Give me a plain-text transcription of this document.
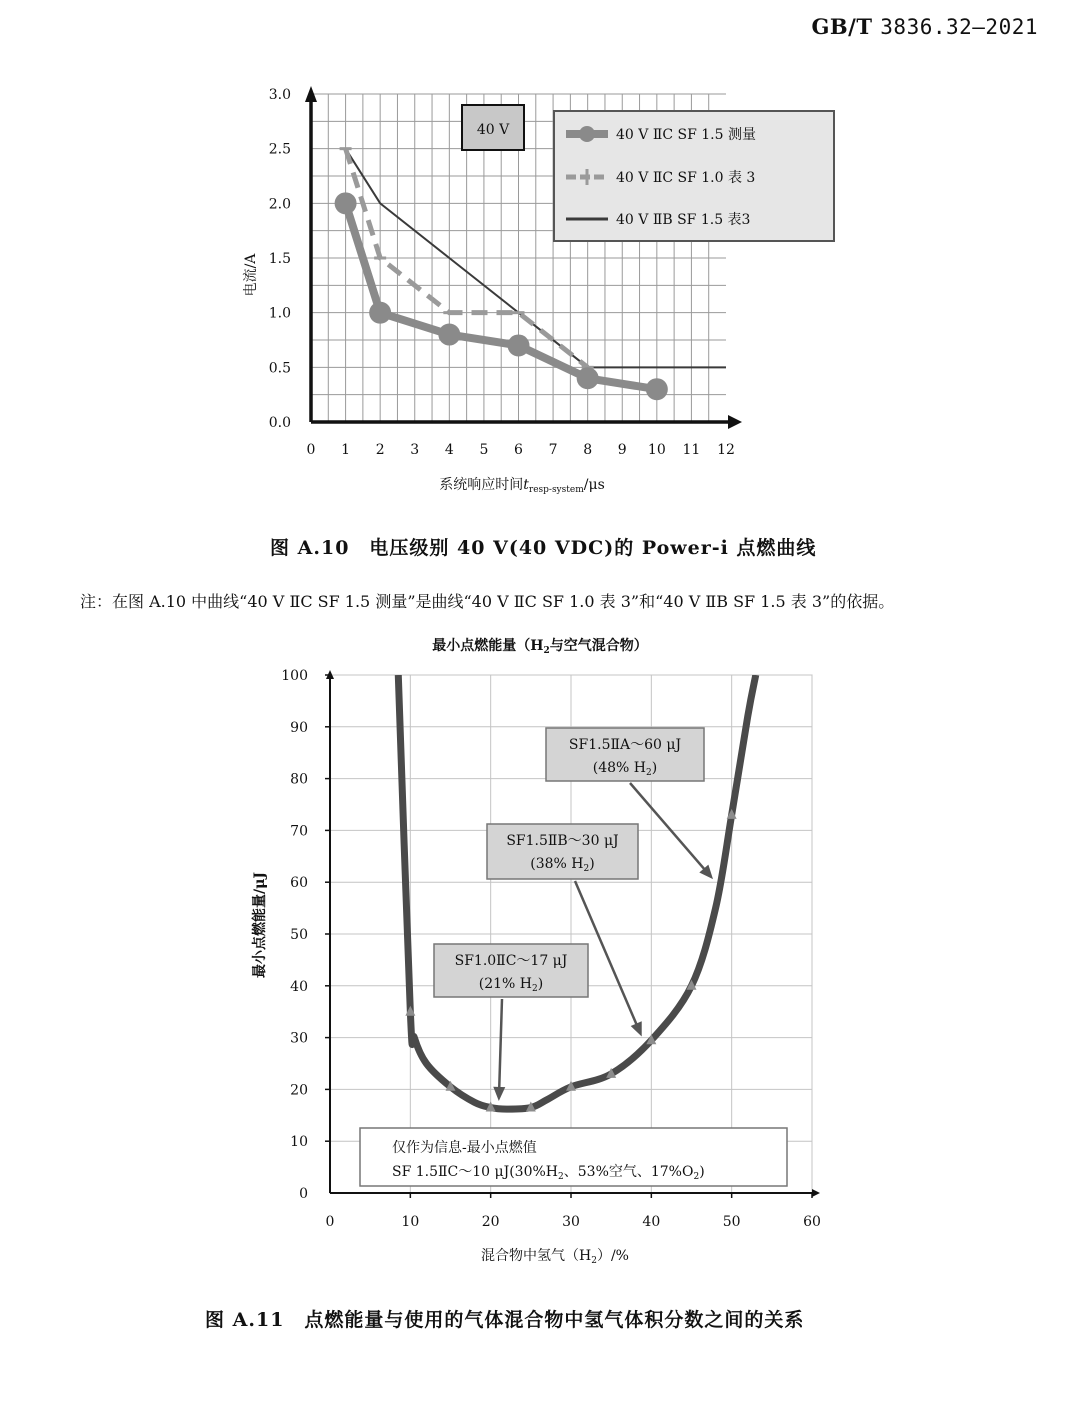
GB/T 3836.32—2021
0 1 2 3 4 5 6 7 8 9 10 11 12
0.0
0.5
1.0
1.5
2.0
2.5
3.0
系统响应时间$t_{resp-system}/\mu s$
电流/A
40 V	40 V ⅡC SF 1.5 测量
40 V ⅡC SF 1.0 表 3
40 V ⅡB SF 1.5 表3
图 A.10　电压级别 40 V(40 VDC)的 Power-i 点燃曲线
注：在图 A.10 中曲线“40 V ⅡC SF 1.5 测量”是曲线“40 V ⅡC SF 1.0 表 3”和“40 V ⅡB SF 1.5 表 3”的依据。
最小点燃能量（$H_2$与空气混合物）
0	10	20	30	40	50	60
0
10
20
30
40
50
60
70
80
90
100
混合物中氢气$(H_2)/\%$
最小点燃能量/μJ
SF1.5ⅡA～60 μJ
(48% $H_2$)
SF1.5ⅡB～30 μJ
(38% $H_2$)
SF1.0ⅡC～17 μJ
(21% $H_2$)
仅作为信息-最小点燃值
SF 1.5ⅡC～10 $\mu J(30\%H_2$、53%空气、$17\%O_2$)
图 A.11　点燃能量与使用的气体混合物中氢气体积分数之间的关系
